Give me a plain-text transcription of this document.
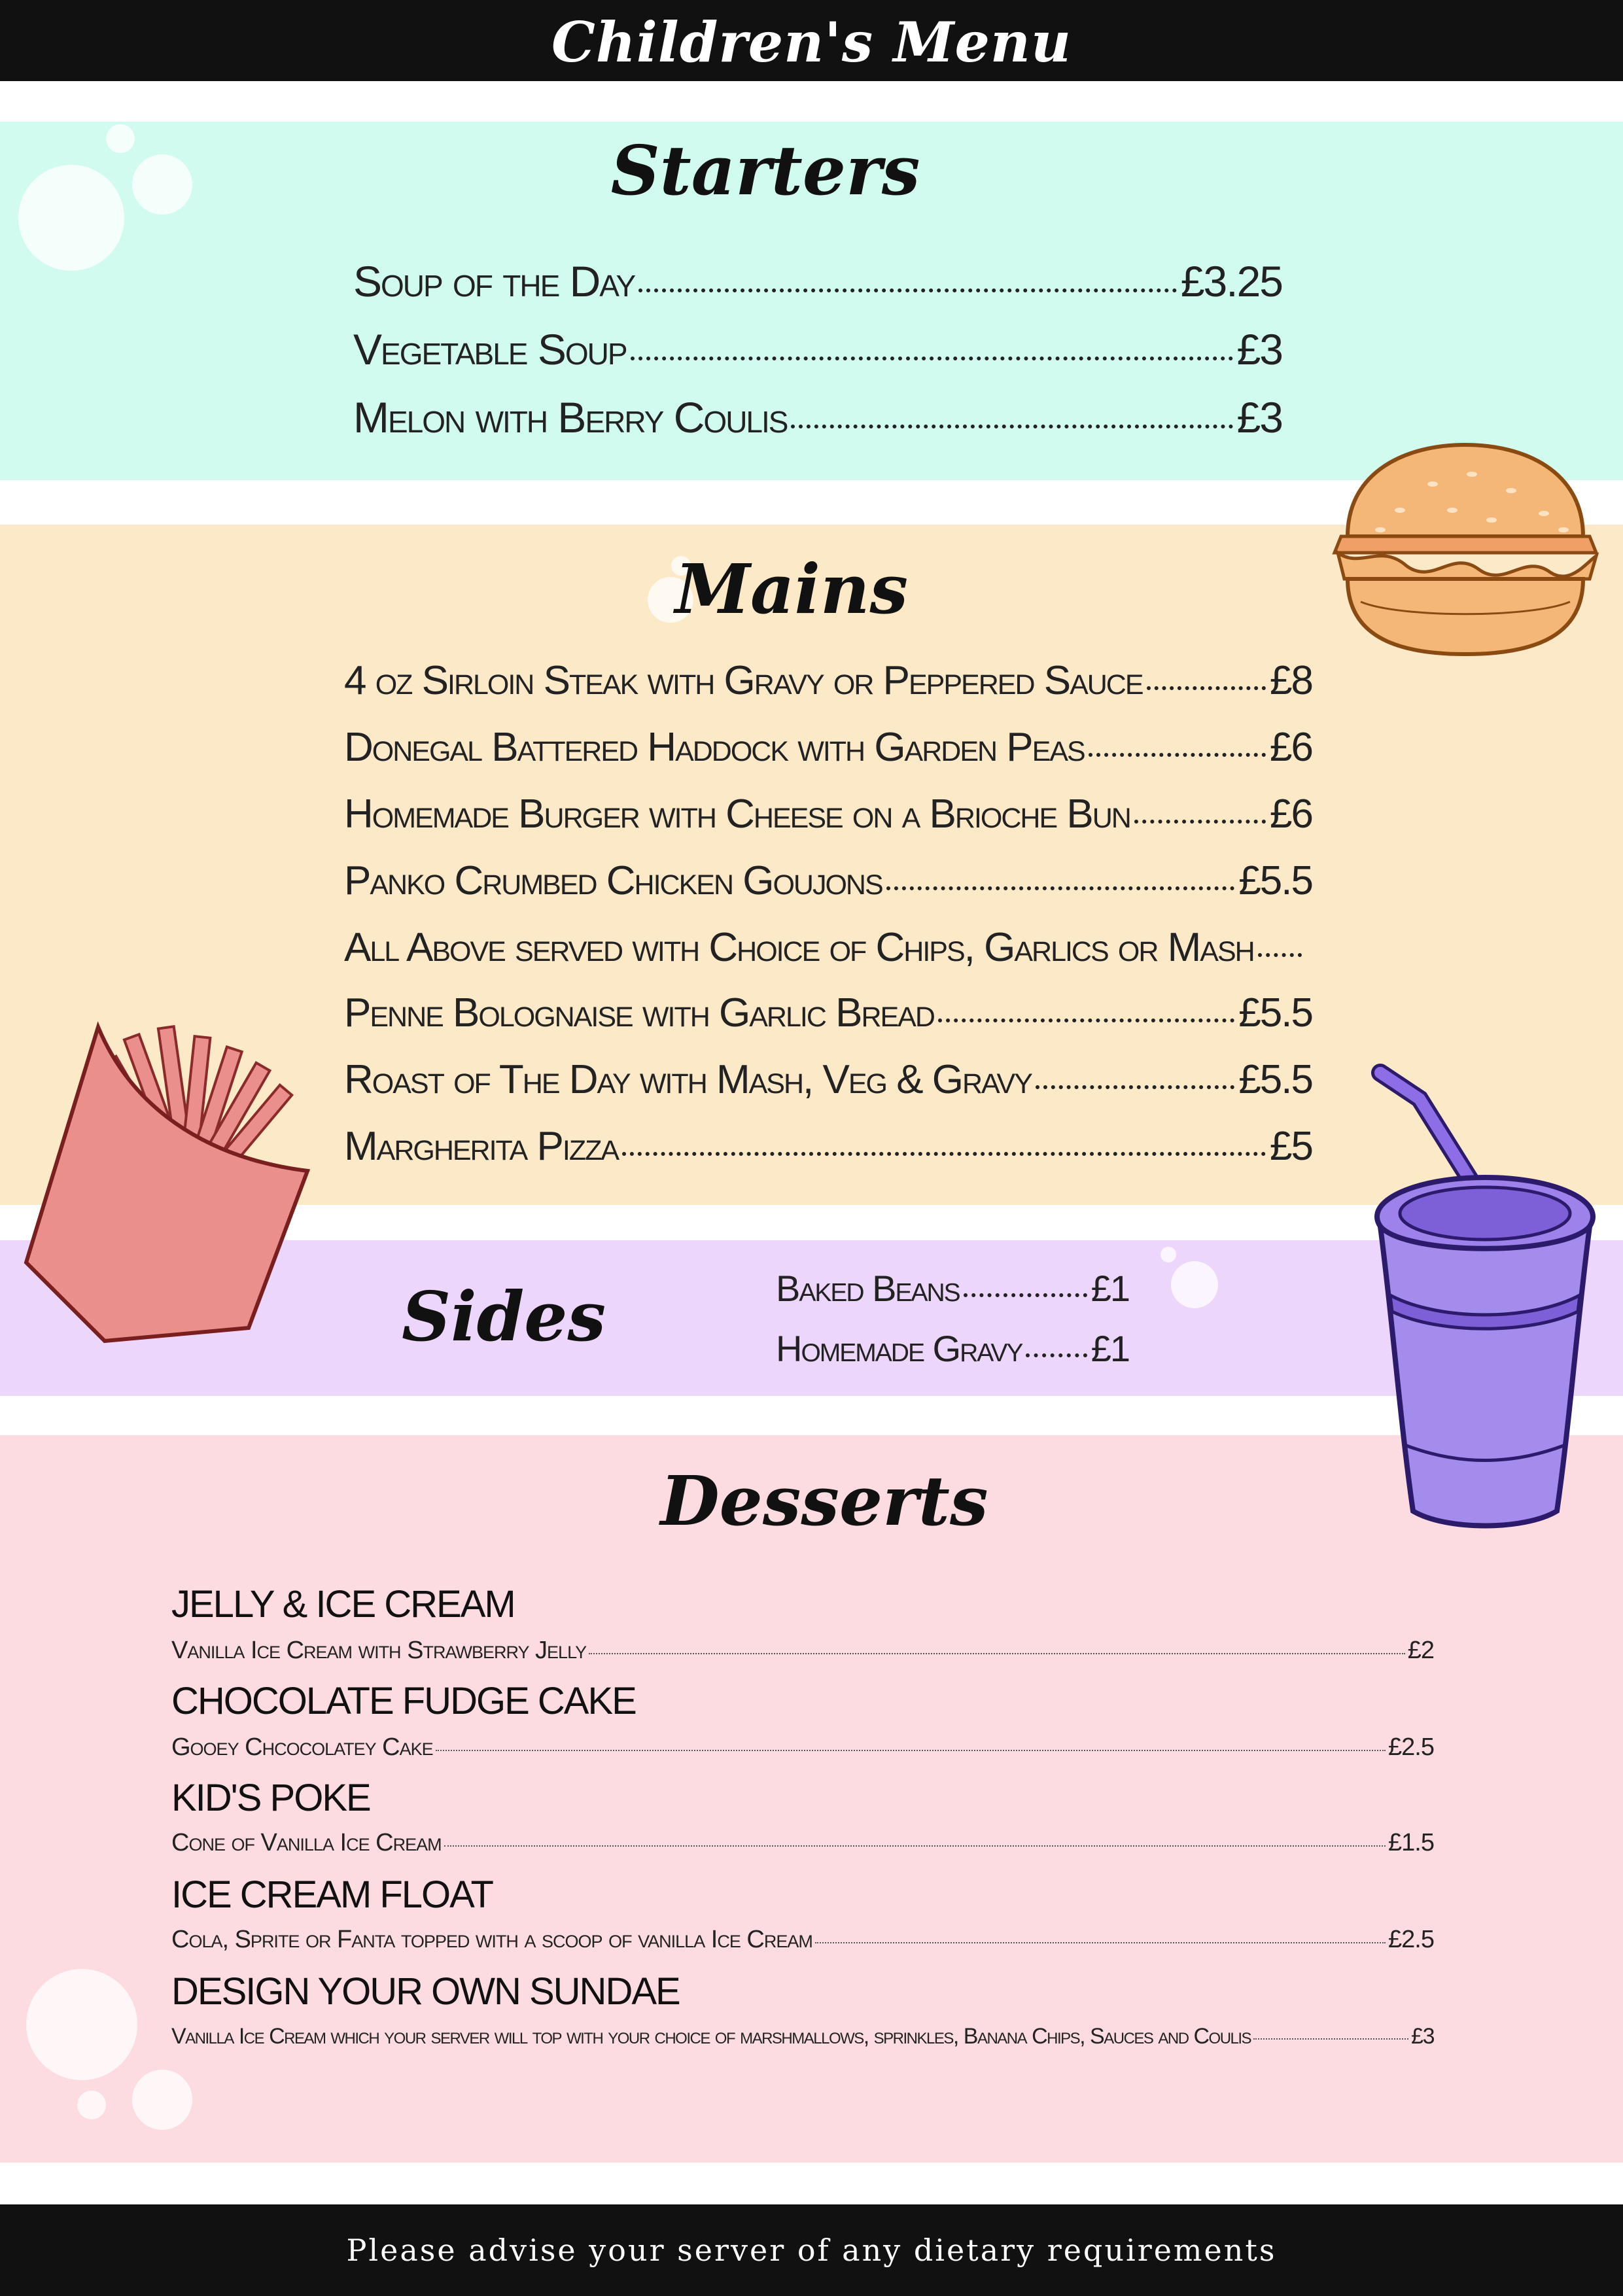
Children's Menu
Starters
Soup of the Day	£3.25
Vegetable Soup	£3
Melon with Berry Coulis	£3
Mains
4 oz Sirloin Steak with Gravy or Peppered Sauce	£8
Donegal Battered Haddock with Garden Peas	£6
Homemade Burger with Cheese on a Brioche Bun	£6
Panko Crumbed Chicken Goujons	£5.5
All Above served with Choice of Chips, Garlics or Mash
Penne Bolognaise with Garlic Bread	£5.5
Roast of The Day with Mash, Veg & Gravy	£5.5
Margherita Pizza	£5
Sides	Baked Beans	£1
Homemade Gravy £1
Desserts
JELLY & ICE CREAM
Vanilla Ice Cream with Strawberry Jelly	£2
CHOCOLATE FUDGE CAKE
Gooey Chcocolatey Cake	£2.5
KID'S POKE
Cone of Vanilla Ice Cream	£1.5
ICE CREAM FLOAT
Cola, Sprite or Fanta topped with a scoop of vanilla Ice Cream	£2.5
DESIGN YOUR OWN SUNDAE
Vanilla Ice Cream which your server will top with your choice of marshmallows, sprinkles, Banana Chips, Sauces and Coulis	£3
Please advise your server of any dietary requirements
